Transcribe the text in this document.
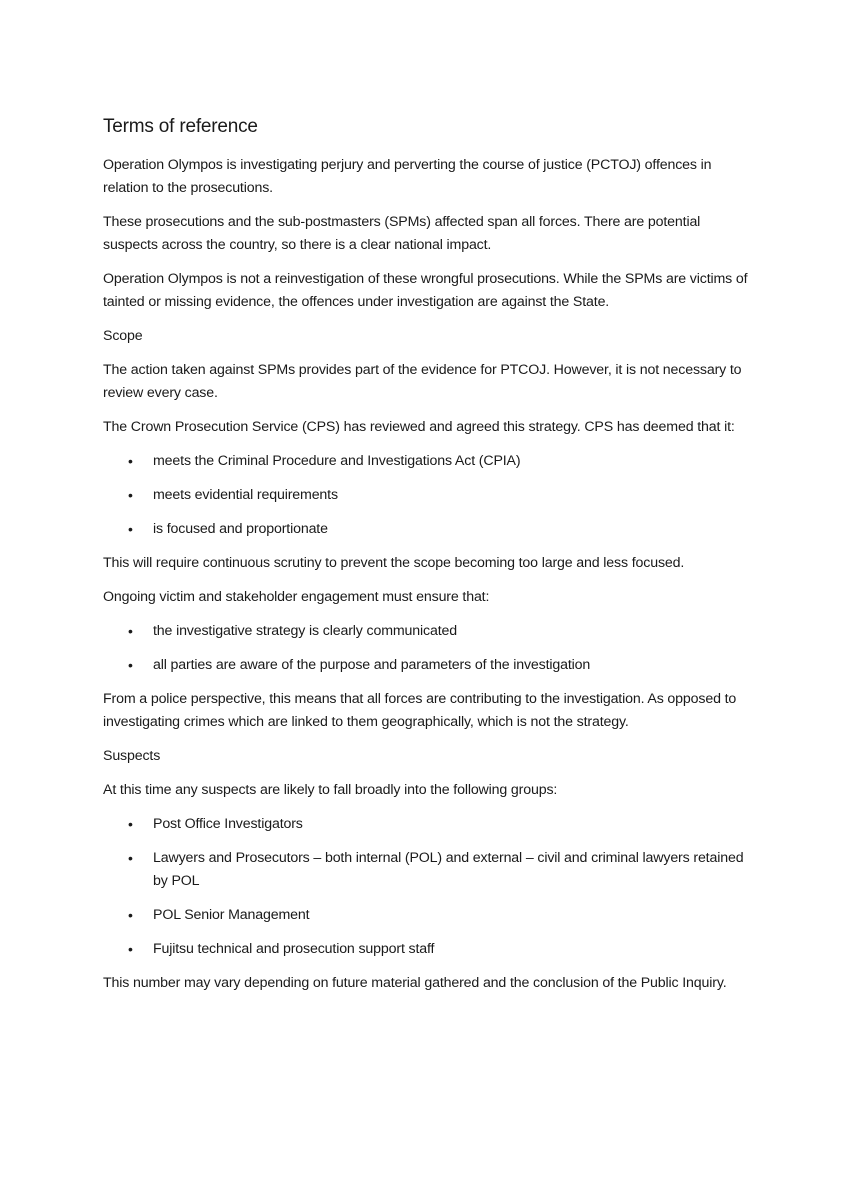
Terms of reference

Operation Olympos is investigating perjury and perverting the course of justice (PCTOJ) offences in relation to the prosecutions.

These prosecutions and the sub-postmasters (SPMs) affected span all forces. There are potential suspects across the country, so there is a clear national impact.

Operation Olympos is not a reinvestigation of these wrongful prosecutions. While the SPMs are victims of tainted or missing evidence, the offences under investigation are against the State.

Scope

The action taken against SPMs provides part of the evidence for PTCOJ. However, it is not necessary to review every case.

The Crown Prosecution Service (CPS) has reviewed and agreed this strategy. CPS has deemed that it:

• meets the Criminal Procedure and Investigations Act (CPIA)
• meets evidential requirements
• is focused and proportionate

This will require continuous scrutiny to prevent the scope becoming too large and less focused.

Ongoing victim and stakeholder engagement must ensure that:

• the investigative strategy is clearly communicated
• all parties are aware of the purpose and parameters of the investigation

From a police perspective, this means that all forces are contributing to the investigation. As opposed to investigating crimes which are linked to them geographically, which is not the strategy.

Suspects

At this time any suspects are likely to fall broadly into the following groups:

• Post Office Investigators
• Lawyers and Prosecutors – both internal (POL) and external – civil and criminal lawyers retained by POL
• POL Senior Management
• Fujitsu technical and prosecution support staff

This number may vary depending on future material gathered and the conclusion of the Public Inquiry.
